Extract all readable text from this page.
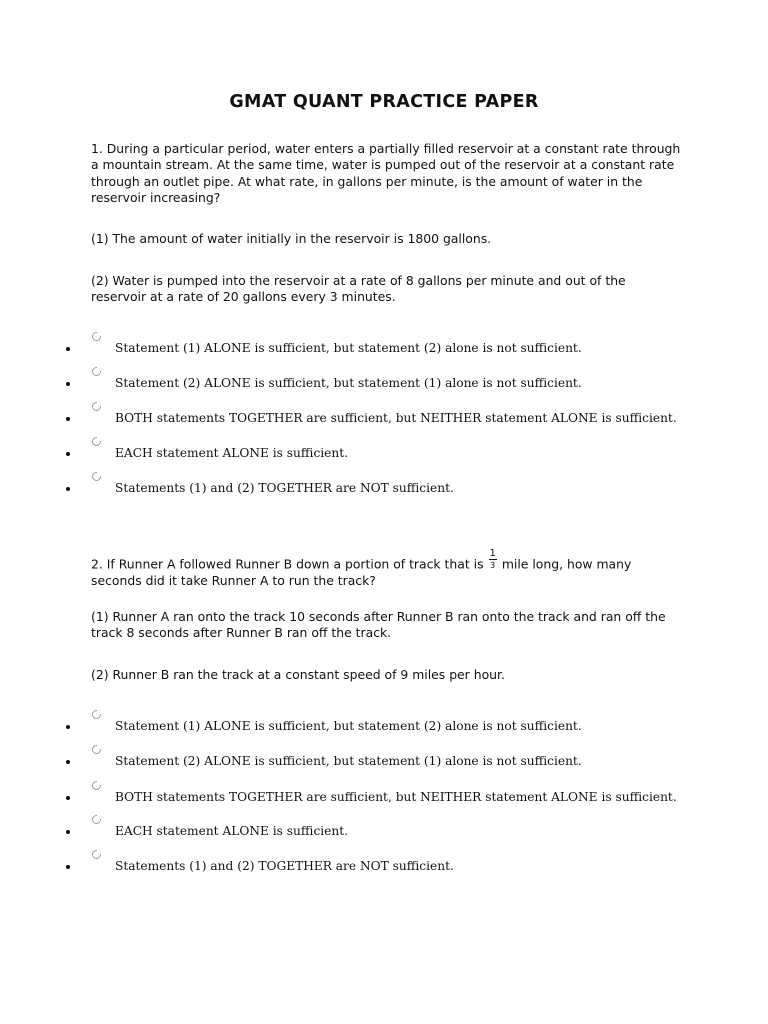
GMAT QUANT PRACTICE PAPER

1. During a particular period, water enters a partially filled reservoir at a constant rate through a mountain stream. At the same time, water is pumped out of the reservoir at a constant rate through an outlet pipe. At what rate, in gallons per minute, is the amount of water in the reservoir increasing?

(1) The amount of water initially in the reservoir is 1800 gallons.

(2) Water is pumped into the reservoir at a rate of 8 gallons per minute and out of the reservoir at a rate of 20 gallons every 3 minutes.

Statement (1) ALONE is sufficient, but statement (2) alone is not sufficient.
Statement (2) ALONE is sufficient, but statement (1) alone is not sufficient.
BOTH statements TOGETHER are sufficient, but NEITHER statement ALONE is sufficient.
EACH statement ALONE is sufficient.
Statements (1) and (2) TOGETHER are NOT sufficient.

2. If Runner A followed Runner B down a portion of track that is $\frac{1}{3}$ mile long, how many seconds did it take Runner A to run the track?

(1) Runner A ran onto the track 10 seconds after Runner B ran onto the track and ran off the track 8 seconds after Runner B ran off the track.

(2) Runner B ran the track at a constant speed of 9 miles per hour.

Statement (1) ALONE is sufficient, but statement (2) alone is not sufficient.
Statement (2) ALONE is sufficient, but statement (1) alone is not sufficient.
BOTH statements TOGETHER are sufficient, but NEITHER statement ALONE is sufficient.
EACH statement ALONE is sufficient.
Statements (1) and (2) TOGETHER are NOT sufficient.
